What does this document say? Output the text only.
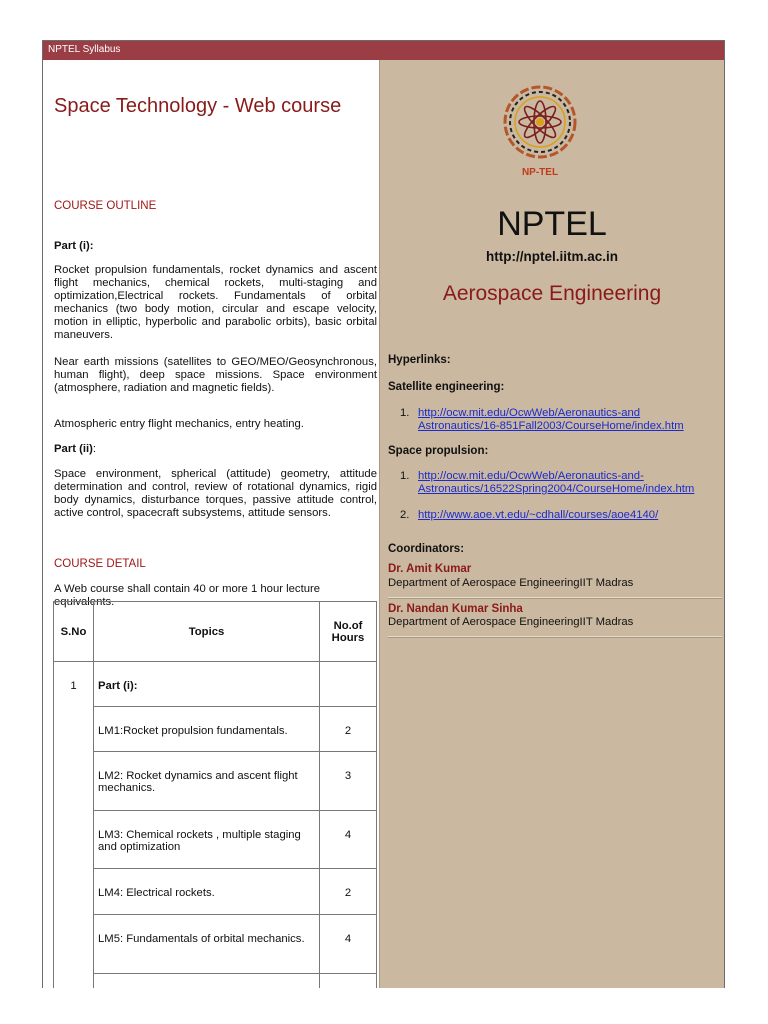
NPTEL Syllabus
Space Technology - Web course
COURSE OUTLINE
Part (i):
Rocket propulsion fundamentals, rocket dynamics and ascent flight mechanics, chemical rockets, multi-staging and optimization,Electrical rockets. Fundamentals of orbital mechanics (two body motion, circular and escape velocity, motion in elliptic, hyperbolic and parabolic orbits), basic orbital maneuvers.
Near earth missions (satellites to GEO/MEO/Geosynchronous, human flight), deep space missions. Space environment (atmosphere, radiation and magnetic fields).
Atmospheric entry flight mechanics, entry heating.
Part (ii):
Space environment, spherical (attitude) geometry, attitude determination and control, review of rotational dynamics, rigid body dynamics, disturbance torques, passive attitude control, active control, spacecraft subsystems, attitude sensors.
COURSE DETAIL
A Web course shall contain 40 or more 1 hour lecture equivalents.
S.No	Topics	No.of Hours
1	Part (i):	
	LM1:Rocket propulsion fundamentals.	2
	LM2: Rocket dynamics and ascent flight mechanics.	3
	LM3: Chemical rockets , multiple staging and optimization	4
	LM4: Electrical rockets.	2
	LM5: Fundamentals of orbital mechanics.	4

NP-TEL
NPTEL
http://nptel.iitm.ac.in
Aerospace Engineering
Hyperlinks:
Satellite engineering:
1. http://ocw.mit.edu/OcwWeb/Aeronautics-and Astronautics/16-851Fall2003/CourseHome/index.htm
Space propulsion:
1. http://ocw.mit.edu/OcwWeb/Aeronautics-and-Astronautics/16522Spring2004/CourseHome/index.htm
2. http://www.aoe.vt.edu/~cdhall/courses/aoe4140/
Coordinators:
Dr. Amit Kumar
Department of Aerospace EngineeringIIT Madras
Dr. Nandan Kumar Sinha
Department of Aerospace EngineeringIIT Madras
